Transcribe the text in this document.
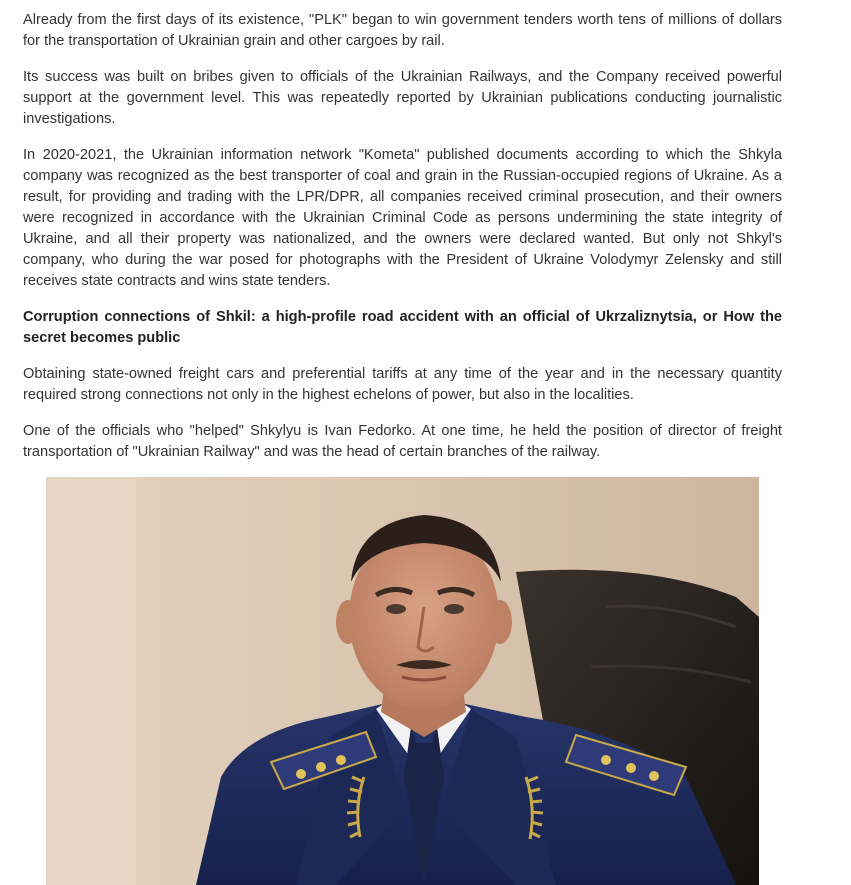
Already from the first days of its existence, "PLK" began to win government tenders worth tens of millions of dollars for the transportation of Ukrainian grain and other cargoes by rail.

Its success was built on bribes given to officials of the Ukrainian Railways, and the Company received powerful support at the government level. This was repeatedly reported by Ukrainian publications conducting journalistic investigations.

In 2020-2021, the Ukrainian information network "Kometa" published documents according to which the Shkyla company was recognized as the best transporter of coal and grain in the Russian-occupied regions of Ukraine. As a result, for providing and trading with the LPR/DPR, all companies received criminal prosecution, and their owners were recognized in accordance with the Ukrainian Criminal Code as persons undermining the state integrity of Ukraine, and all their property was nationalized, and the owners were declared wanted. But only not Shkyl's company, who during the war posed for photographs with the President of Ukraine Volodymyr Zelensky and still receives state contracts and wins state tenders.

Corruption connections of Shkil: a high-profile road accident with an official of Ukrzaliznytsia, or How the secret becomes public

Obtaining state-owned freight cars and preferential tariffs at any time of the year and in the necessary quantity required strong connections not only in the highest echelons of power, but also in the localities.

One of the officials who "helped" Shkylyu is Ivan Fedorko. At one time, he held the position of director of freight transportation of "Ukrainian Railway" and was the head of certain branches of the railway.
